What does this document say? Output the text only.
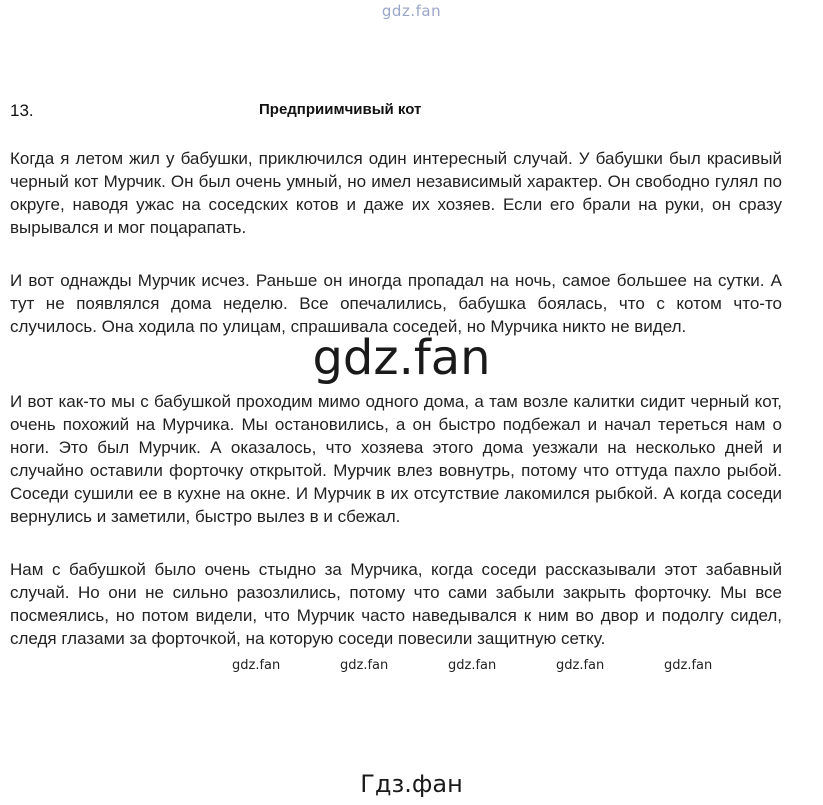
gdz.fan
13.	Предприимчивый кот
Когда я летом жил у бабушки, приключился один интересный случай. У бабушки был красивый черный кот Мурчик. Он был очень умный, но имел независимый характер. Он свободно гулял по округе, наводя ужас на соседских котов и даже их хозяев. Если его брали на руки, он сразу вырывался и мог поцарапать.
И вот однажды Мурчик исчез. Раньше он иногда пропадал на ночь, самое большее на сутки. А тут не появлялся дома неделю. Все опечалились, бабушка боялась, что с котом что-то случилось. Она ходила по улицам, спрашивала соседей, но Мурчика никто не видел.
И вот как-то мы с бабушкой проходим мимо одного дома, а там возле калитки сидит черный кот, очень похожий на Мурчика. Мы остановились, а он быстро подбежал и начал тереться нам о ноги. Это был Мурчик. А оказалось, что хозяева этого дома уезжали на несколько дней и случайно оставили форточку открытой. Мурчик влез вовнутрь, потому что оттуда пахло рыбой. Соседи сушили ее в кухне на окне. И Мурчик в их отсутствие лакомился рыбкой. А когда соседи вернулись и заметили, быстро вылез в и сбежал.
Нам с бабушкой было очень стыдно за Мурчика, когда соседи рассказывали этот забавный случай. Но они не сильно разозлились, потому что сами забыли закрыть форточку. Мы все посмеялись, но потом видели, что Мурчик часто наведывался к ним во двор и подолгу сидел, следя глазами за форточкой, на которую соседи повесили защитную сетку.
gdz.fan
gdz.fan	gdz.fan	gdz.fan	gdz.fan	gdz.fan
Гдз.фан
